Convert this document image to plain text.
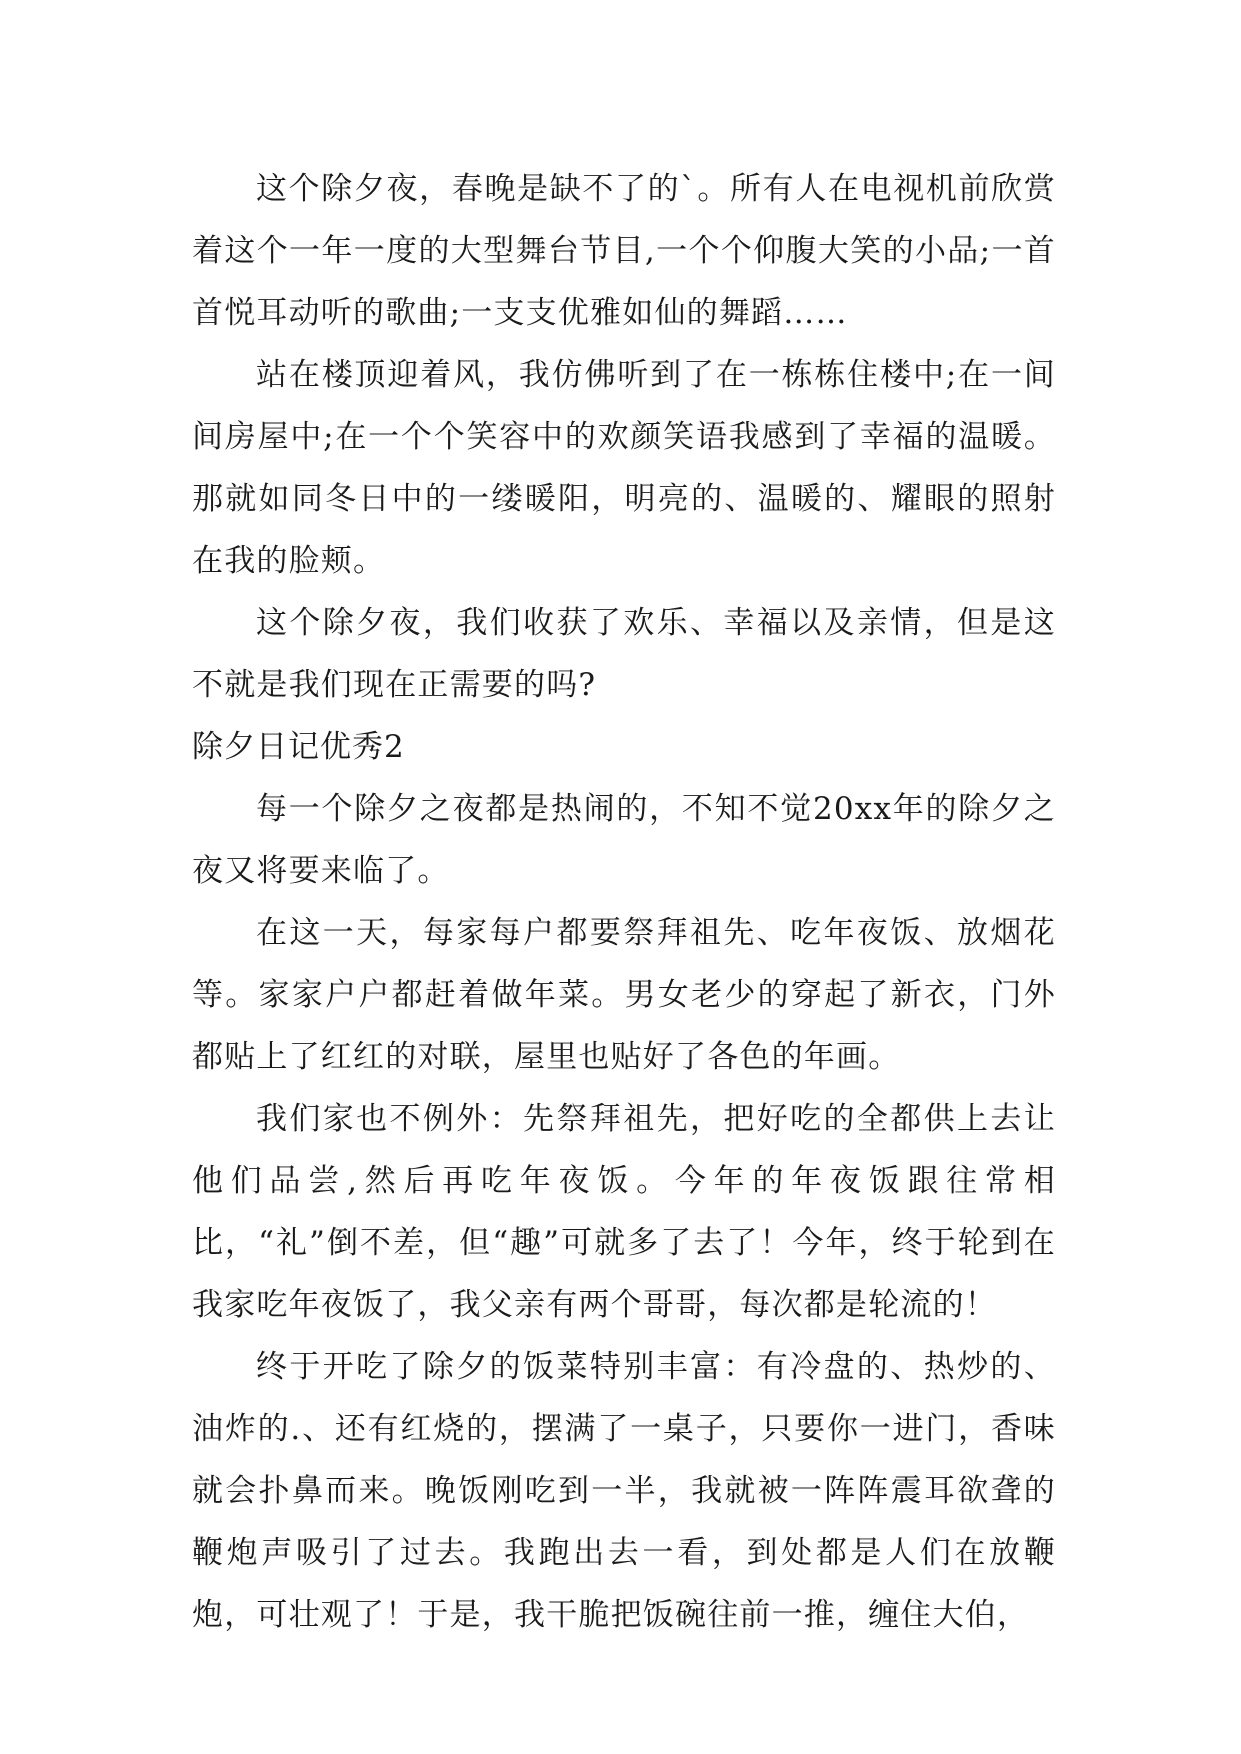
这个除夕夜，春晚是缺不了的`。所有人在电视机前欣赏着这个一年一度的大型舞台节目,一个个仰腹大笑的小品;一首首悦耳动听的歌曲;一支支优雅如仙的舞蹈……

站在楼顶迎着风，我仿佛听到了在一栋栋住楼中;在一间间房屋中;在一个个笑容中的欢颜笑语我感到了幸福的温暖。那就如同冬日中的一缕暖阳，明亮的、温暖的、耀眼的照射在我的脸颊。

这个除夕夜，我们收获了欢乐、幸福以及亲情，但是这不就是我们现在正需要的吗?

除夕日记优秀2

每一个除夕之夜都是热闹的，不知不觉20xx年的除夕之夜又将要来临了。

在这一天，每家每户都要祭拜祖先、吃年夜饭、放烟花等。家家户户都赶着做年菜。男女老少的穿起了新衣，门外都贴上了红红的对联，屋里也贴好了各色的年画。

我们家也不例外：先祭拜祖先，把好吃的全都供上去让他们品尝,然后再吃年夜饭。今年的年夜饭跟往常相比，“礼”倒不差，但“趣”可就多了去了！今年，终于轮到在我家吃年夜饭了，我父亲有两个哥哥，每次都是轮流的！

终于开吃了除夕的饭菜特别丰富：有冷盘的、热炒的、油炸的.、还有红烧的，摆满了一桌子，只要你一进门，香味就会扑鼻而来。晚饭刚吃到一半，我就被一阵阵震耳欲聋的鞭炮声吸引了过去。我跑出去一看，到处都是人们在放鞭炮，可壮观了！于是，我干脆把饭碗往前一推，缠住大伯，
